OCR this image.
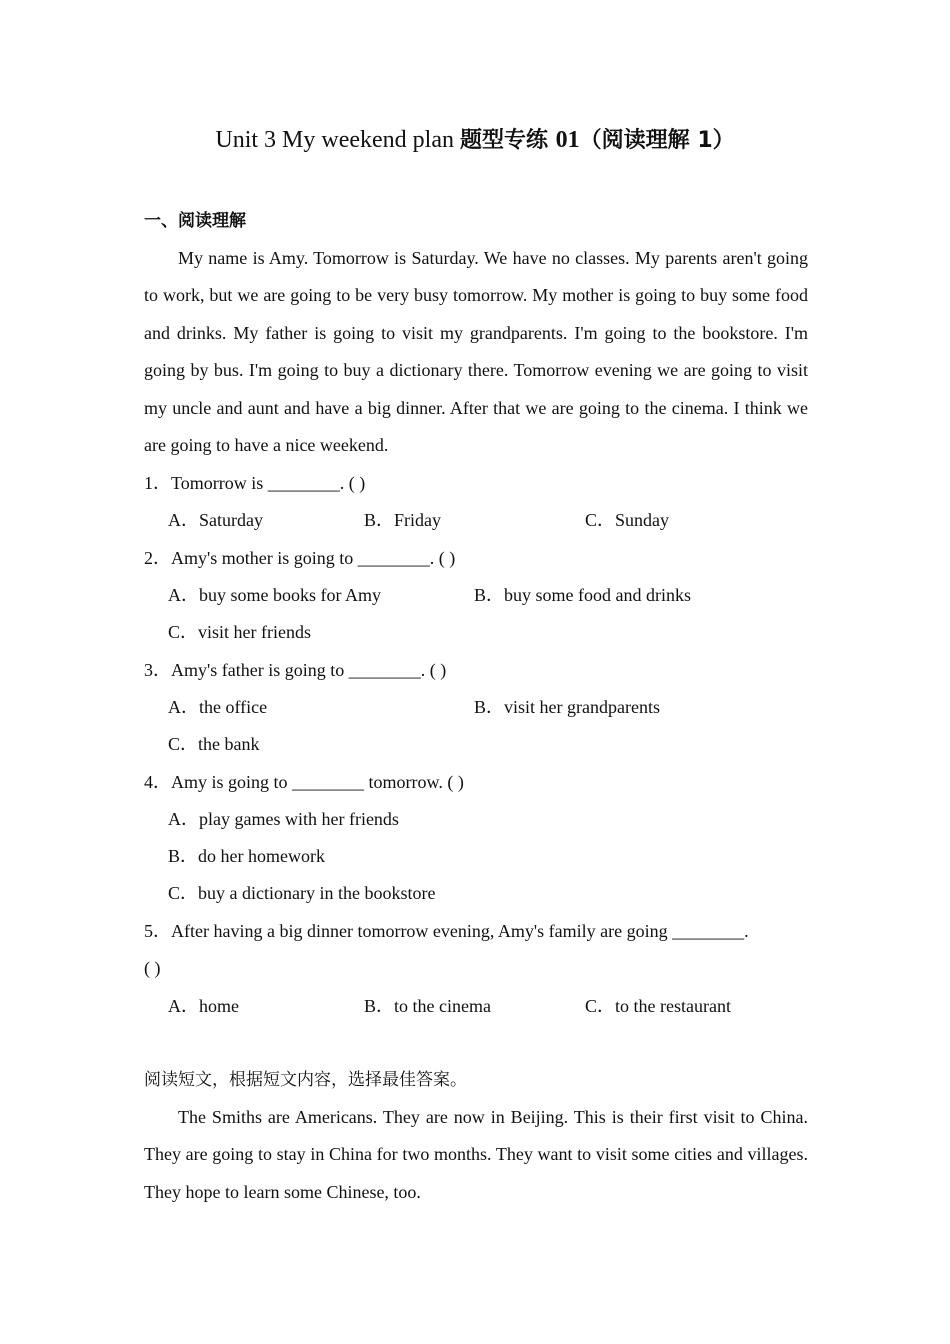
Unit 3 My weekend plan 题型专练 01（阅读理解 1）
一、阅读理解

My name is Amy. Tomorrow is Saturday. We have no classes. My parents aren't going to work, but we are going to be very busy tomorrow. My mother is going to buy some food and drinks. My father is going to visit my grandparents. I'm going to the bookstore. I'm going by bus. I'm going to buy a dictionary there. Tomorrow evening we are going to visit my uncle and aunt and have a big dinner. After that we are going to the cinema. I think we are going to have a nice weekend.

1．Tomorrow is ________. ( )
A．Saturday	B．Friday	C．Sunday
2．Amy's mother is going to ________. ( )
A．buy some books for Amy	B．buy some food and drinks
C．visit her friends
3．Amy's father is going to ________. ( )
A．the office	B．visit her grandparents
C．the bank
4．Amy is going to ________ tomorrow. ( )
A．play games with her friends
B．do her homework
C．buy a dictionary in the bookstore
5．After having a big dinner tomorrow evening, Amy's family are going ________.
( )
A．home	B．to the cinema	C．to the restaurant
阅读短文，根据短文内容，选择最佳答案。

The Smiths are Americans. They are now in Beijing. This is their first visit to China. They are going to stay in China for two months. They want to visit some cities and villages. They hope to learn some Chinese, too.
